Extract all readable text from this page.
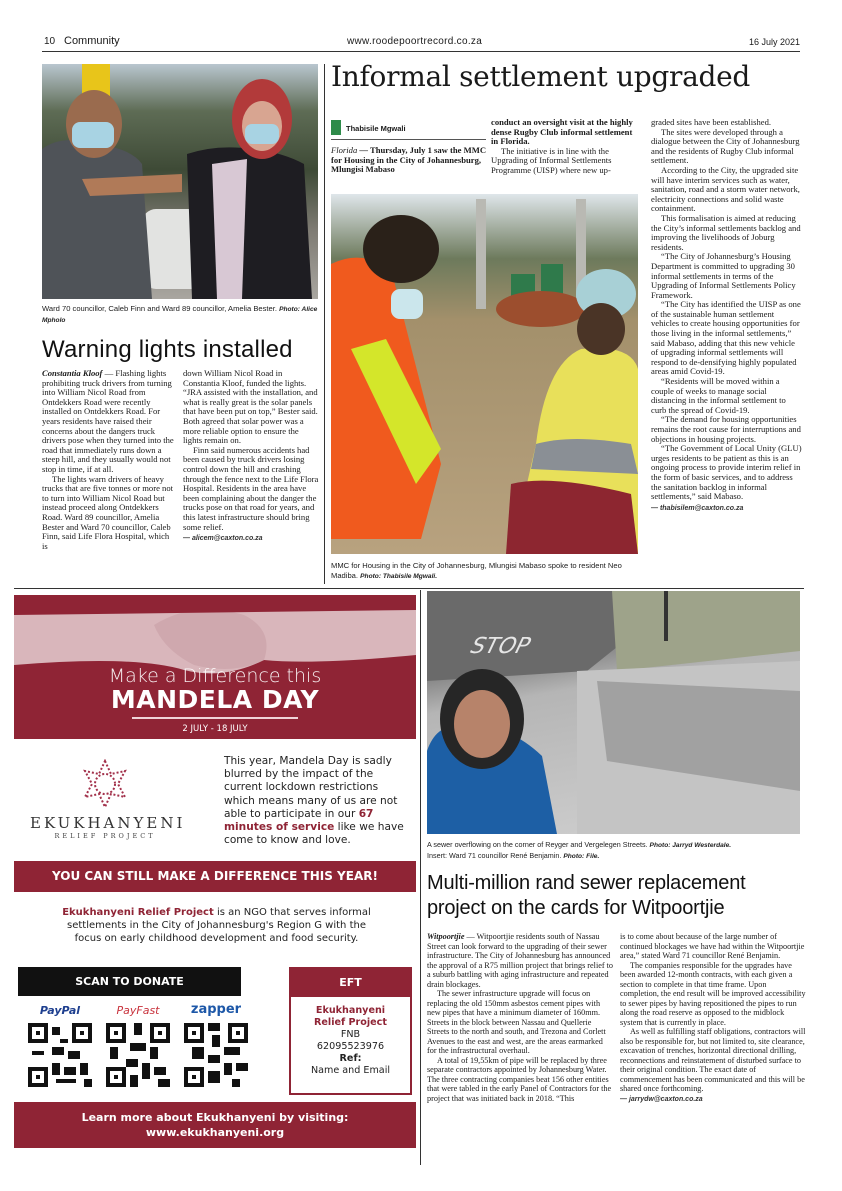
10 Community	www.roodepoortrecord.co.za	16 July 2021
Ward 70 councillor, Caleb Finn and Ward 89 councillor, Amelia Bester. Photo: Alice Mpholo
Warning lights installed

Constantia Kloof — Flashing lights prohibiting truck drivers from turning into William Nicol Road from Ontdekkers Road were recently installed on Ontdekkers Road. For years residents have raised their concerns about the dangers truck drivers pose when they turned into the road that immediately runs down a steep hill, and they usually would not stop in time, if at all.

The lights warn drivers of heavy trucks that are five tonnes or more not to turn into William Nicol Road but instead proceed along Ontdekkers Road. Ward 89 councillor, Amelia Bester and Ward 70 councillor, Caleb Finn, said Life Flora Hospital, which is

down William Nicol Road in Constantia Kloof, funded the lights. “JRA assisted with the installation, and what is really great is the solar panels that have been put on top,” Bester said. Both agreed that solar power was a more reliable option to ensure the lights remain on.

Finn said numerous accidents had been caused by truck drivers losing control down the hill and crashing through the fence next to the Life Flora Hospital. Residents in the area have been complaining about the danger the trucks pose on that road for years, and this latest infrastructure should bring some relief.

— alicem@caxton.co.za
Informal settlement upgraded
Thabisile Mgwali
Florida — Thursday, July 1 saw the MMC for Housing in the City of Johannesburg, Mlungisi Mabaso

conduct an oversight visit at the highly dense Rugby Club informal settlement in Florida.

The initiative is in line with the Upgrading of Informal Settlements Programme (UISP) where new up-

MMC for Housing in the City of Johannesburg, Mlungisi Mabaso spoke to resident Neo Madiba. Photo: Thabisile Mgwali.

graded sites have been established.

The sites were developed through a dialogue between the City of Johannesburg and the residents of Rugby Club informal settlement.

According to the City, the upgraded site will have interim services such as water, sanitation, road and a storm water network, electricity connections and solid waste containment.

This formalisation is aimed at reducing the City’s informal settlements backlog and improving the livelihoods of Joburg residents.

“The City of Johannesburg’s Housing Department is committed to upgrading 30 informal settlements in terms of the Upgrading of Informal Settlements Policy Framework.

“The City has identified the UISP as one of the sustainable human settlement vehicles to create housing opportunities for those living in the informal settlements,” said Mabaso, adding that this new vehicle of upgrading informal settlements will respond to de-densifying highly populated areas amid Covid-19.

“Residents will be moved within a couple of weeks to manage social distancing in the informal settlement to curb the spread of Covid-19.

“The demand for housing opportunities remains the root cause for interruptions and objections in housing projects.

“The Government of Local Unity (GLU) urges residents to be patient as this is an ongoing process to provide interim relief in the form of basic services, and to address the sanitation backlog in informal settlements,” said Mabaso.

— thabisilem@caxton.co.za
Make a Difference this
MANDELA DAY
2 JULY - 18 JULY
EKUKHANYENI
RELIEF PROJECT
This year, Mandela Day is sadly blurred by the impact of the current lockdown restrictions which means many of us are not able to participate in our 67 minutes of service like we have come to know and love.
YOU CAN STILL MAKE A DIFFERENCE THIS YEAR!
Ekukhanyeni Relief Project is an NGO that serves informal settlements in the City of Johannesburg's Region G with the focus on early childhood development and food security.
SCAN TO DONATE
PayPal	PayFast	zapper
EFT
Ekukhanyeni Relief Project
FNB
62095523976
Ref:
Name and Email
Learn more about Ekukhanyeni by visiting:
www.ekukhanyeni.org
STOP
A sewer overflowing on the corner of Reyger and Vergelegen Streets. Photo: Jarryd Westerdale.
Insert: Ward 71 councillor René Benjamin. Photo: File.
Multi-million rand sewer replacement
project on the cards for Witpoortjie

Witpoortjie — Witpoortjie residents south of Nassau Street can look forward to the upgrading of their sewer infrastructure. The City of Johannesburg has announced the approval of a R75 million project that brings relief to a suburb battling with aging infrastructure and repeated drain blockages.

The sewer infrastructure upgrade will focus on replacing the old 150mm asbestos cement pipes with new pipes that have a minimum diameter of 160mm. Streets in the block between Nassau and Quellerie Streets to the north and south, and Trezona and Corlett Avenues to the east and west, are the areas earmarked for the infrastructural overhaul.

A total of 19,55km of pipe will be replaced by three separate contractors appointed by Johannesburg Water. The three contracting companies beat 156 other entities that were tabled in the early Panel of Contractors for the project that was initiated back in 2018. “This

is to come about because of the large number of continued blockages we have had within the Witpoortjie area,” stated Ward 71 councillor René Benjamin.

The companies responsible for the upgrades have been awarded 12-month contracts, with each given a section to complete in that time frame. Upon completion, the end result will be improved accessibility to sewer pipes by having repositioned the pipes to run along the road reserve as opposed to the midblock system that is currently in place.

As well as fulfilling staff obligations, contractors will also be responsible for, but not limited to, site clearance, excavation of trenches, horizontal directional drilling, reconnections and reinstatement of disturbed surface to their original condition. The exact date of commencement has been communicated and this will be shared once forthcoming.

— jarrydw@caxton.co.za
